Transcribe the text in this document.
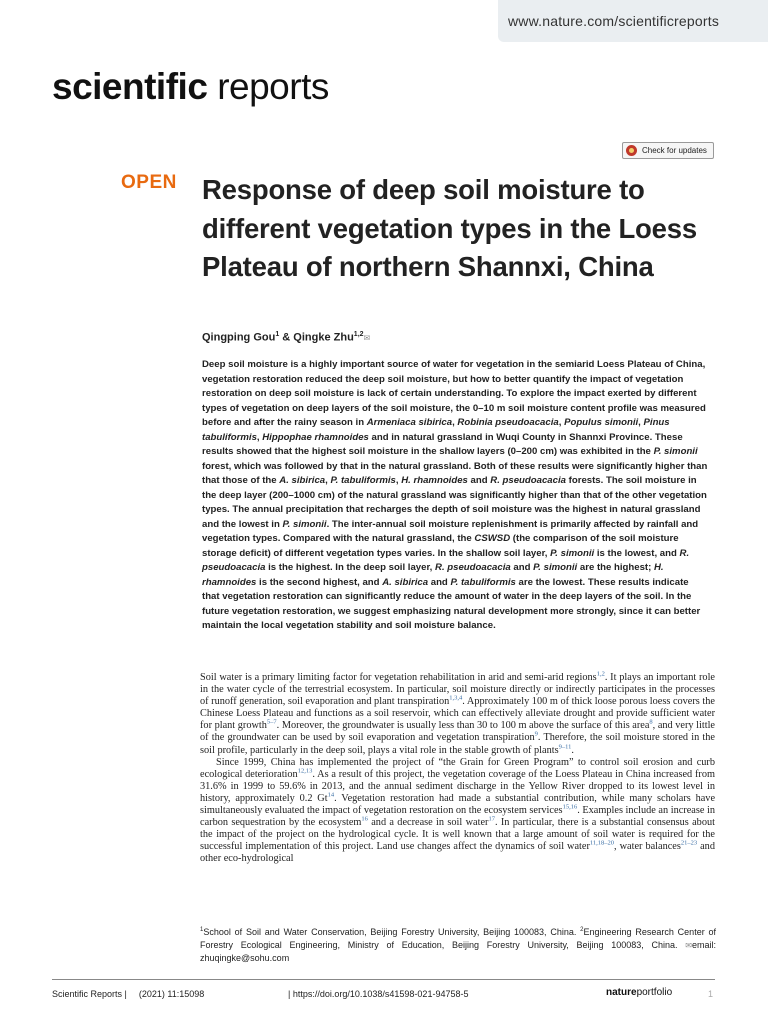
www.nature.com/scientificreports
scientific reports
Check for updates
OPEN Response of deep soil moisture to different vegetation types in the Loess Plateau of northern Shannxi, China
Qingping Gou$^1$ & Qingke Zhu$^{1,2}$✉

Deep soil moisture is a highly important source of water for vegetation in the semiarid Loess Plateau of China, vegetation restoration reduced the deep soil moisture, but how to better quantify the impact of vegetation restoration on deep soil moisture is lack of certain understanding. To explore the impact exerted by different types of vegetation on deep layers of the soil moisture, the 0–10 m soil moisture content profile was measured before and after the rainy season in Armeniaca sibirica, Robinia pseudoacacia, Populus simonii, Pinus tabuliformis, Hippophae rhamnoides and in natural grassland in Wuqi County in Shannxi Province. These results showed that the highest soil moisture in the shallow layers (0–200 cm) was exhibited in the P. simonii forest, which was followed by that in the natural grassland. Both of these results were significantly higher than that those of the A. sibirica, P. tabuliformis, H. rhamnoides and R. pseudoacacia forests. The soil moisture in the deep layer (200–1000 cm) of the natural grassland was significantly higher than that of the other vegetation types. The annual precipitation that recharges the depth of soil moisture was the highest in natural grassland and the lowest in P. simonii. The inter-annual soil moisture replenishment is primarily affected by rainfall and vegetation types. Compared with the natural grassland, the CSWSD (the comparison of the soil moisture storage deficit) of different vegetation types varies. In the shallow soil layer, P. simonii is the lowest, and R. pseudoacacia is the highest. In the deep soil layer, R. pseudoacacia and P. simonii are the highest; H. rhamnoides is the second highest, and A. sibirica and P. tabuliformis are the lowest. These results indicate that vegetation restoration can significantly reduce the amount of water in the deep layers of the soil. In the future vegetation restoration, we suggest emphasizing natural development more strongly, since it can better maintain the local vegetation stability and soil moisture balance.

Soil water is a primary limiting factor for vegetation rehabilitation in arid and semi-arid regions$^{1,2}$. It plays an important role in the water cycle of the terrestrial ecosystem. In particular, soil moisture directly or indirectly participates in the processes of runoff generation, soil evaporation and plant transpiration$^{1,3,4}$. Approximately 100 m of thick loose porous loess covers the Chinese Loess Plateau and functions as a soil reservoir, which can effectively alleviate drought and provide sufficient water for plant growth$^{5-7}$. Moreover, the groundwater is usually less than 30 to 100 m above the surface of this area$^8$, and very little of the groundwater can be used by soil evaporation and vegetation transpiration$^9$. Therefore, the soil moisture stored in the soil profile, particularly in the deep soil, plays a vital role in the stable growth of plants$^{9-11}$.

Since 1999, China has implemented the project of “the Grain for Green Program” to control soil erosion and curb ecological deterioration$^{12,13}$. As a result of this project, the vegetation coverage of the Loess Plateau in China increased from 31.6% in 1999 to 59.6% in 2013, and the annual sediment discharge in the Yellow River dropped to its lowest level in history, approximately 0.2 Gt$^{14}$. Vegetation restoration had made a substantial contribution, while many scholars have simultaneously evaluated the impact of vegetation restoration on the ecosystem services$^{15,16}$. Examples include an increase in carbon sequestration by the ecosystem$^{16}$ and a decrease in soil water$^{17}$. In particular, there is a substantial consensus about the impact of the project on the hydrological cycle. It is well known that a large amount of soil water is required for the successful implementation of this project. Land use changes affect the dynamics of soil water$^{11,18-20}$, water balances$^{21-23}$ and other eco-hydrological

$^1$School of Soil and Water Conservation, Beijing Forestry University, Beijing 100083, China. $^2$Engineering Research Center of Forestry Ecological Engineering, Ministry of Education, Beijing Forestry University, Beijing 100083, China. ✉email: zhuqingke@sohu.com

Scientific Reports | (2021) 11:15098	| https://doi.org/10.1038/s41598-021-94758-5	natureportfolio	1
